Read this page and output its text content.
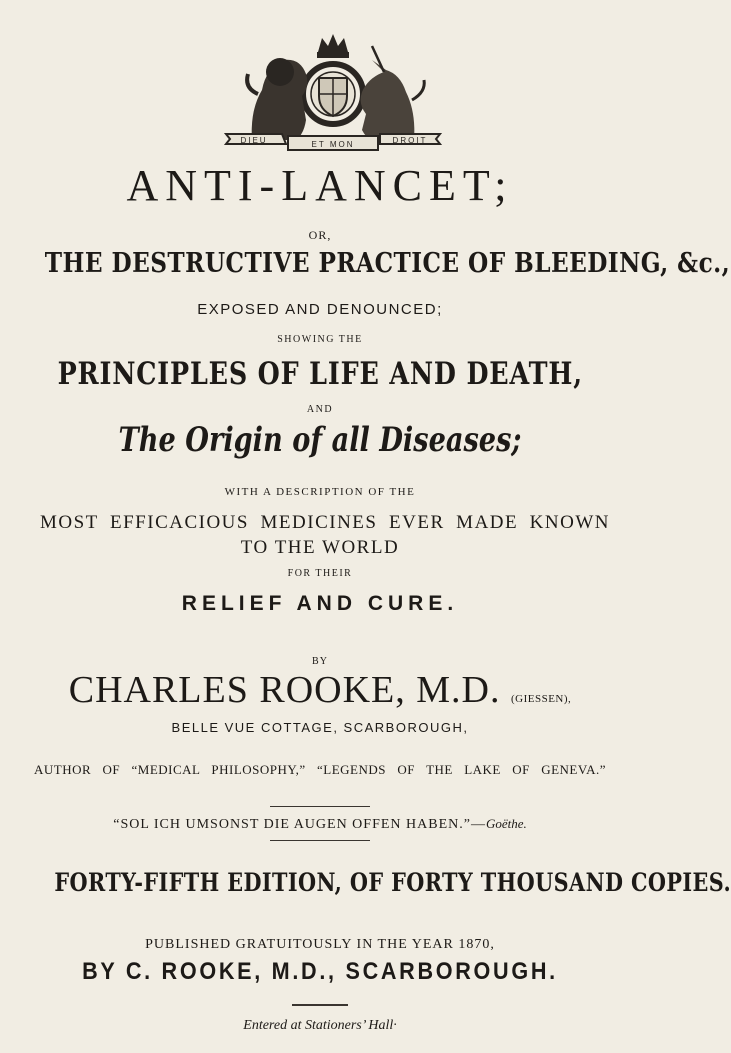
DIEU	ET MON	DROIT
ANTI-LANCET;
OR,
THE DESTRUCTIVE PRACTICE OF BLEEDING, &c.,
EXPOSED AND DENOUNCED;
SHOWING THE
PRINCIPLES OF LIFE AND DEATH,
AND
The Origin of all Diseases;
WITH A DESCRIPTION OF THE
MOST EFFICACIOUS MEDICINES EVER MADE KNOWN
TO THE WORLD
FOR THEIR
RELIEF AND CURE.
BY
CHARLES ROOKE, M.D. (GIESSEN),
BELLE VUE COTTAGE, SCARBOROUGH,
AUTHOR OF “MEDICAL PHILOSOPHY,” “LEGENDS OF THE LAKE OF GENEVA.”
“SOL ICH UMSONST DIE AUGEN OFFEN HABEN.”—Goëthe.
FORTY-FIFTH EDITION, OF FORTY THOUSAND COPIES.
PUBLISHED GRATUITOUSLY IN THE YEAR 1870,
BY C. ROOKE, M.D., SCARBOROUGH.
Entered at Stationers’ Hall·
